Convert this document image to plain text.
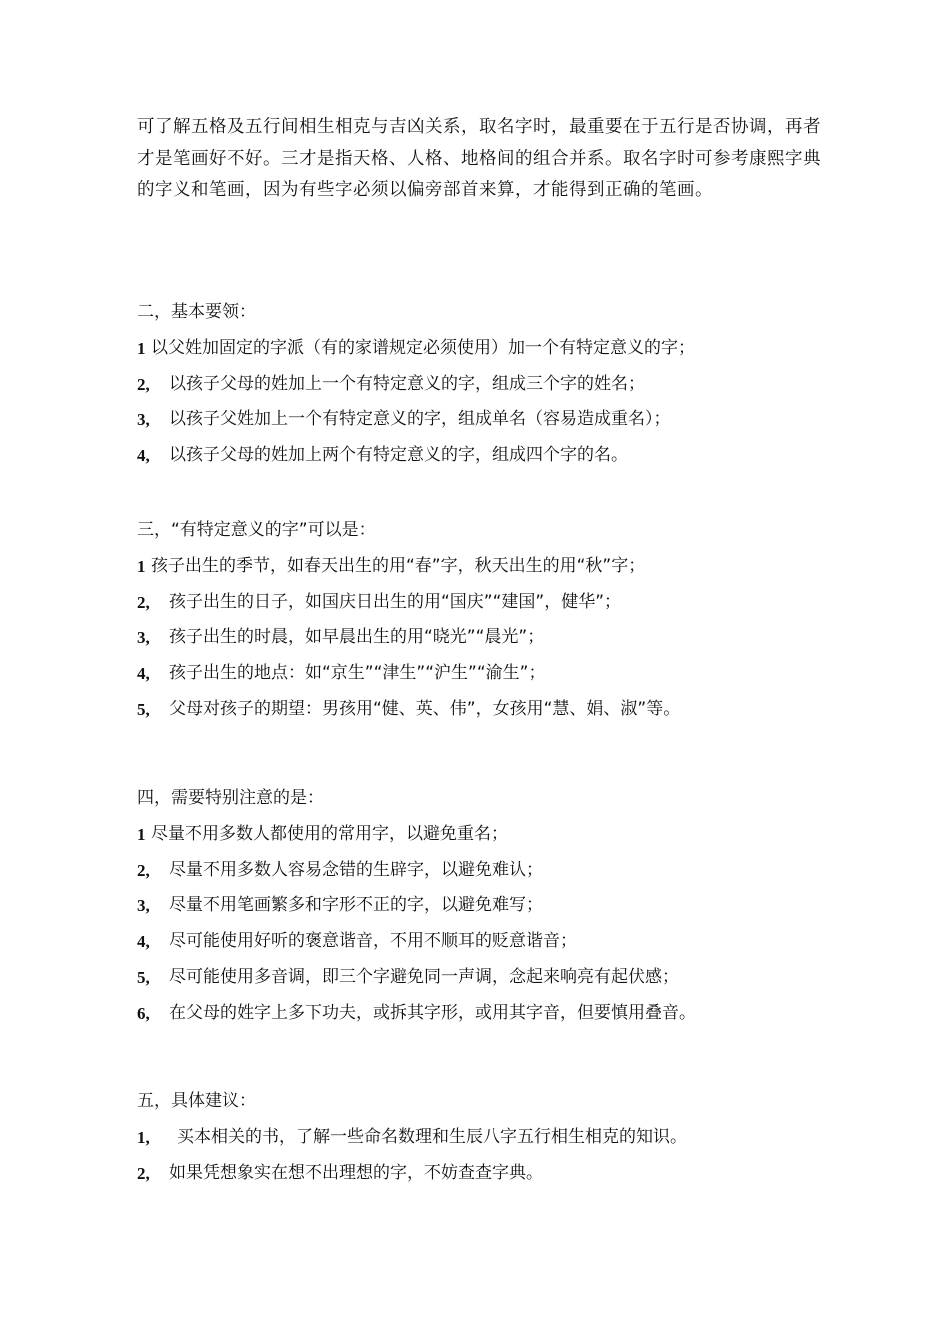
可了解五格及五行间相生相克与吉凶关系，取名字时，最重要在于五行是否协调，再者才是笔画好不好。三才是指天格、人格、地格间的组合并系。取名字时可参考康熙字典的字义和笔画，因为有些字必须以偏旁部首来算，才能得到正确的笔画。

二，基本要领：

1 以父姓加固定的字派（有的家谱规定必须使用）加一个有特定意义的字；
2,	以孩子父母的姓加上一个有特定意义的字，组成三个字的姓名；
3,	以孩子父姓加上一个有特定意义的字，组成单名（容易造成重名）；
4,	以孩子父母的姓加上两个有特定意义的字，组成四个字的名。

三，“有特定意义的字”可以是：

1 孩子出生的季节，如春天出生的用“春”字，秋天出生的用“秋”字；
2,	孩子出生的日子，如国庆日出生的用“国庆”“建国”，健华”；
3,	孩子出生的时晨，如早晨出生的用“晓光”“晨光”；
4,	孩子出生的地点：如“京生”“津生”“沪生”“渝生”；
5,	父母对孩子的期望：男孩用“健、英、伟”，女孩用“慧、娟、淑”等。

四，需要特别注意的是：

1 尽量不用多数人都使用的常用字，以避免重名；
2,	尽量不用多数人容易念错的生辟字，以避免难认；
3,	尽量不用笔画繁多和字形不正的字，以避免难写；
4,	尽可能使用好听的褒意谐音，不用不顺耳的贬意谐音；
5,	尽可能使用多音调，即三个字避免同一声调，念起来响亮有起伏感；
6,	在父母的姓字上多下功夫，或拆其字形，或用其字音，但要慎用叠音。

五，具体建议：

1,	买本相关的书，了解一些命名数理和生辰八字五行相生相克的知识。
2,	如果凭想象实在想不出理想的字，不妨查查字典。
